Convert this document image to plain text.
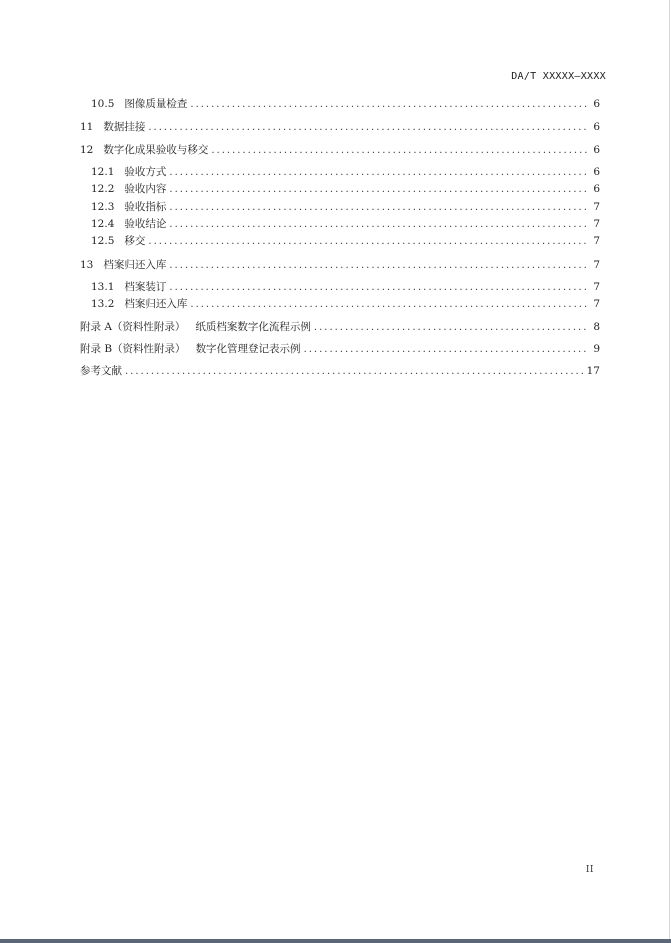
DA/T XXXXX—XXXX
10.5 图像质量检查 .....	6
11 数据挂接 .....	6
12 数字化成果验收与移交 .....	6
12.1 验收方式 .....	6
12.2 验收内容 .....	6
12.3 验收指标 .....	7
12.4 验收结论 .....	7
12.5 移交 .....	7
13 档案归还入库 .....	7
13.1 档案装订 .....	7
13.2 档案归还入库 .....	7
附录 A（资料性附录） 纸质档案数字化流程示例 .....	8
附录 B（资料性附录） 数字化管理登记表示例 .....	9
参考文献 .....	17
II
